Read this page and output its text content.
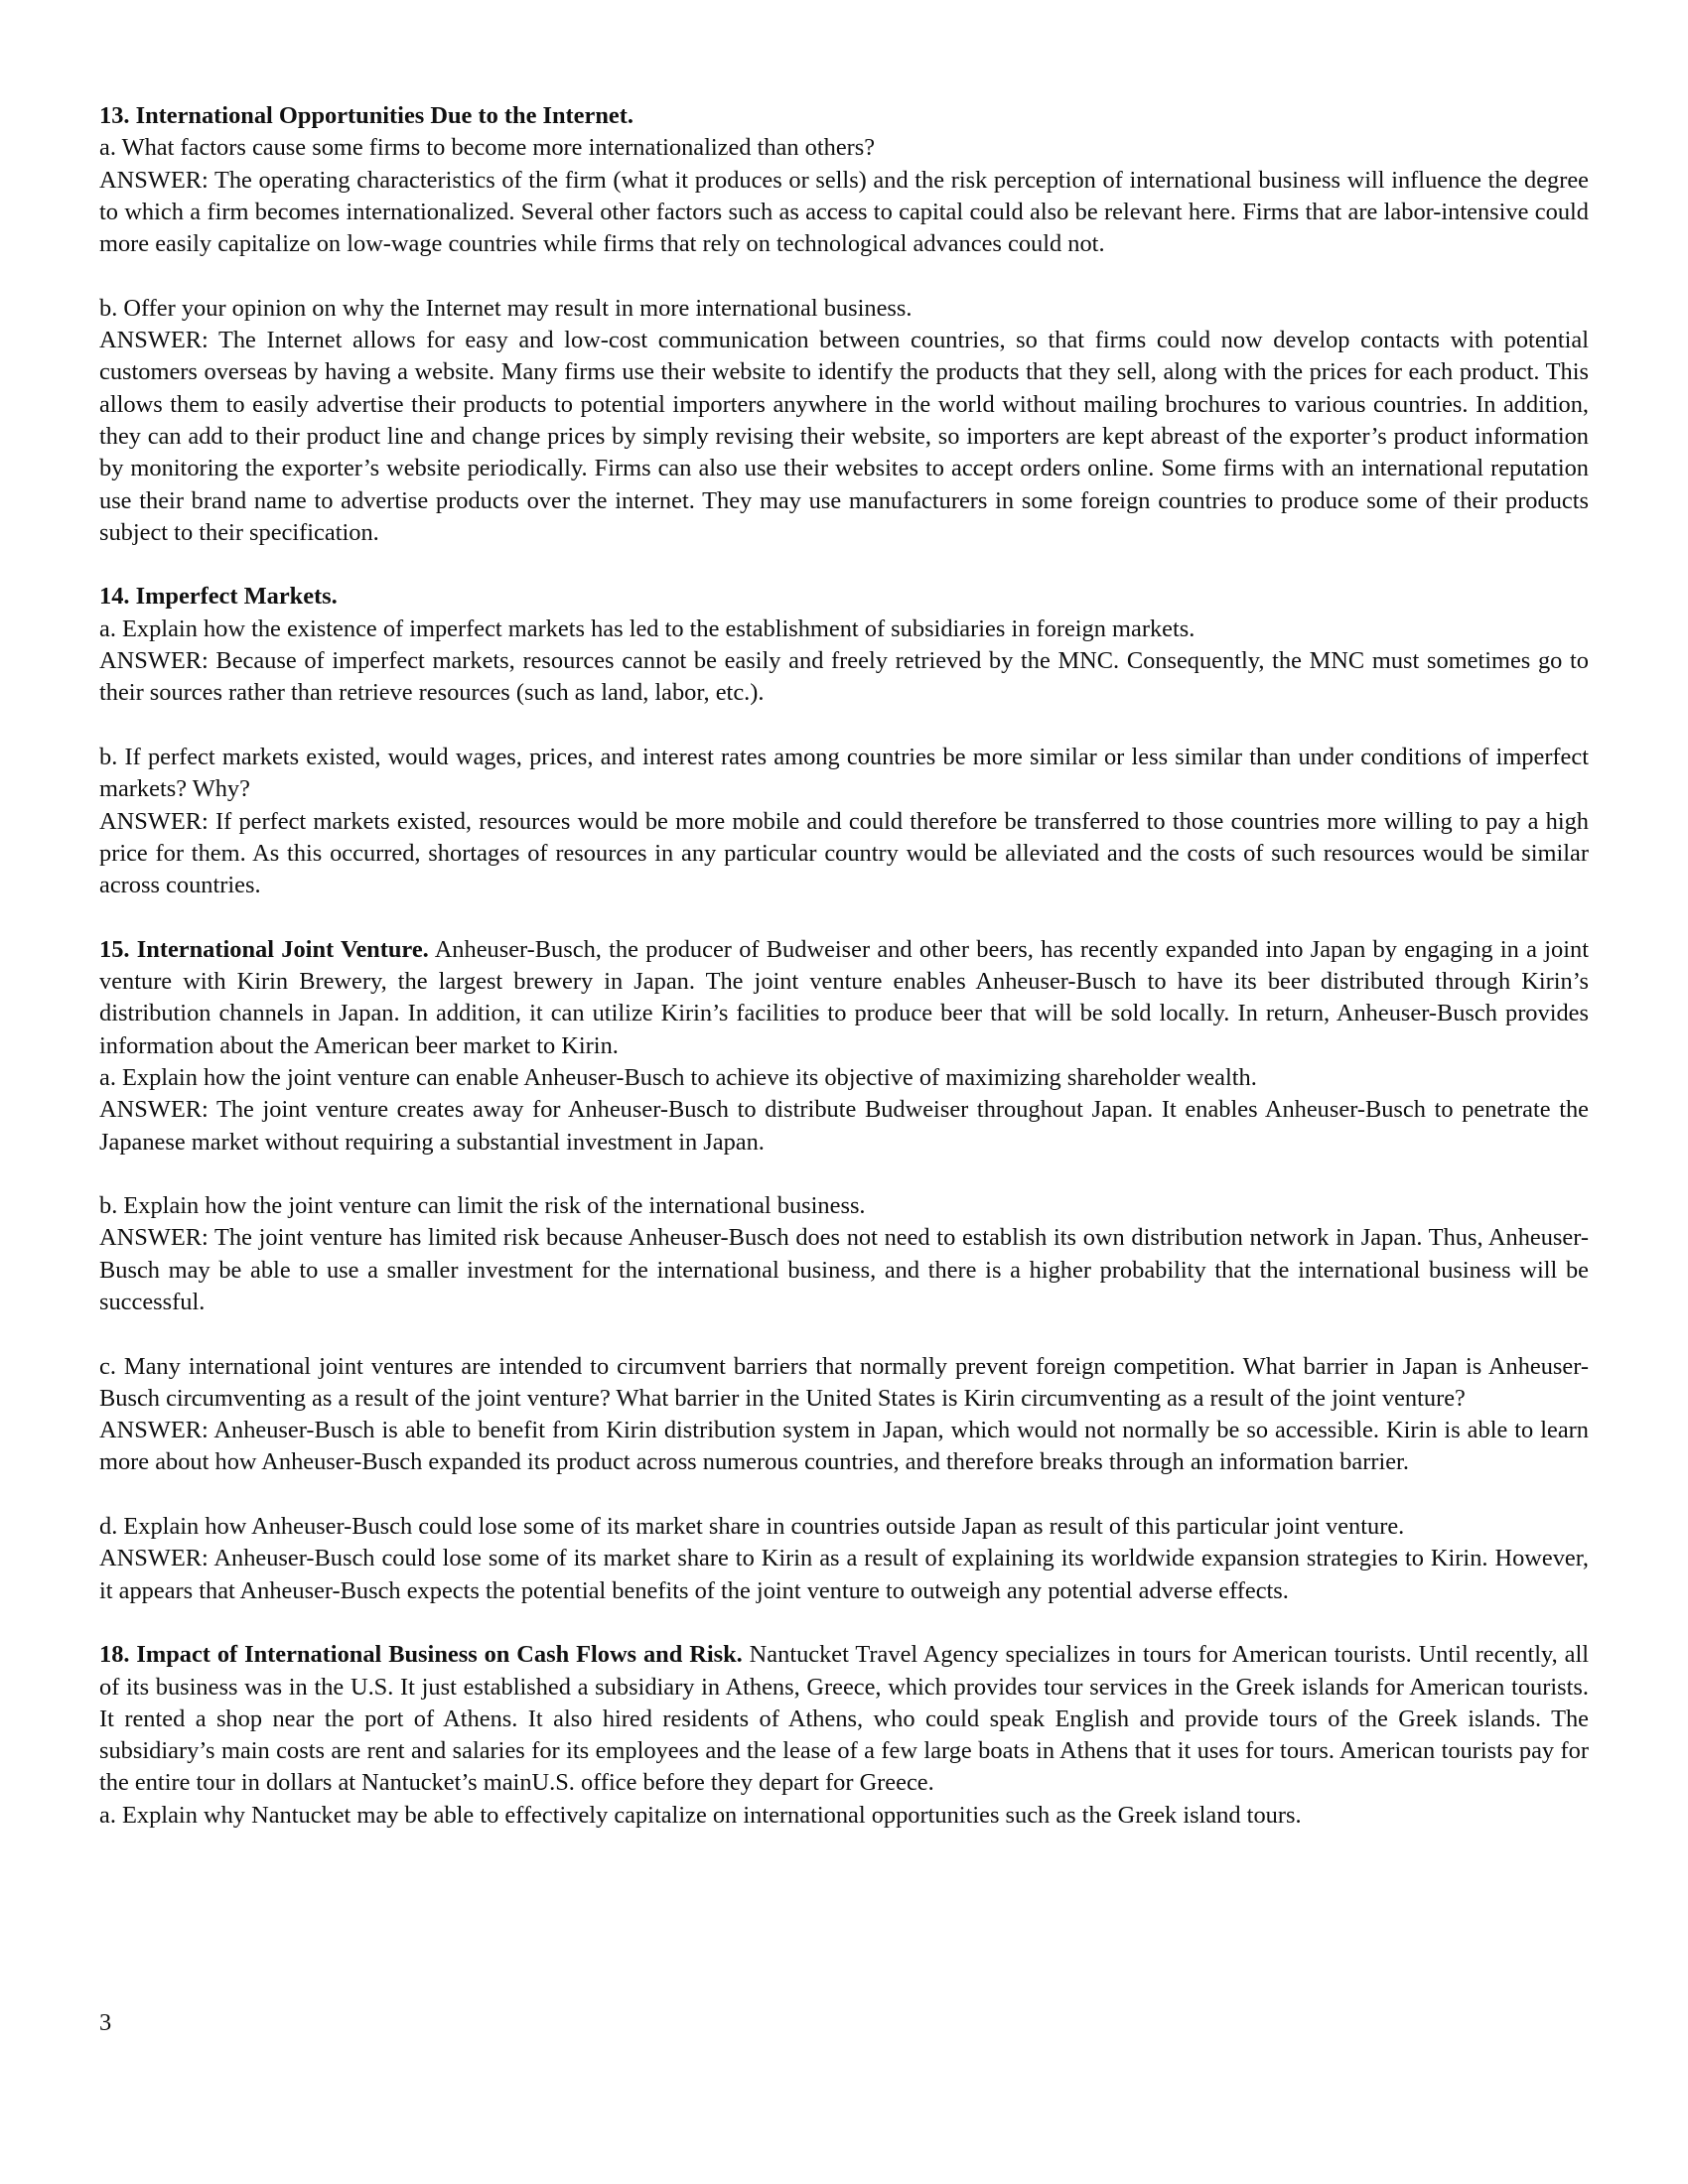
13. International Opportunities Due to the Internet.

a. What factors cause some firms to become more internationalized than others?

ANSWER: The operating characteristics of the firm (what it produces or sells) and the risk perception of international business will influence the degree to which a firm becomes internationalized. Several other factors such as access to capital could also be relevant here. Firms that are labor-intensive could more easily capitalize on low-wage countries while firms that rely on technological advances could not.

b. Offer your opinion on why the Internet may result in more international business.

ANSWER: The Internet allows for easy and low-cost communication between countries, so that firms could now develop contacts with potential customers overseas by having a website. Many firms use their website to identify the products that they sell, along with the prices for each product. This allows them to easily advertise their products to potential importers anywhere in the world without mailing brochures to various countries. In addition, they can add to their product line and change prices by simply revising their website, so importers are kept abreast of the exporter’s product information by monitoring the exporter’s website periodically. Firms can also use their websites to accept orders online. Some firms with an international reputation use their brand name to advertise products over the internet. They may use manufacturers in some foreign countries to produce some of their products subject to their specification.

14. Imperfect Markets.

a. Explain how the existence of imperfect markets has led to the establishment of subsidiaries in foreign markets.

ANSWER: Because of imperfect markets, resources cannot be easily and freely retrieved by the MNC. Consequently, the MNC must sometimes go to their sources rather than retrieve resources (such as land, labor, etc.).

b. If perfect markets existed, would wages, prices, and interest rates among countries be more similar or less similar than under conditions of imperfect markets? Why?

ANSWER: If perfect markets existed, resources would be more mobile and could therefore be transferred to those countries more willing to pay a high price for them. As this occurred, shortages of resources in any particular country would be alleviated and the costs of such resources would be similar across countries.

15. International Joint Venture. Anheuser-Busch, the producer of Budweiser and other beers, has recently expanded into Japan by engaging in a joint venture with Kirin Brewery, the largest brewery in Japan. The joint venture enables Anheuser-Busch to have its beer distributed through Kirin’s distribution channels in Japan. In addition, it can utilize Kirin’s facilities to produce beer that will be sold locally. In return, Anheuser-Busch provides information about the American beer market to Kirin.

a. Explain how the joint venture can enable Anheuser-Busch to achieve its objective of maximizing shareholder wealth.

ANSWER: The joint venture creates away for Anheuser-Busch to distribute Budweiser throughout Japan. It enables Anheuser-Busch to penetrate the Japanese market without requiring a substantial investment in Japan.

b. Explain how the joint venture can limit the risk of the international business.

ANSWER: The joint venture has limited risk because Anheuser-Busch does not need to establish its own distribution network in Japan. Thus, Anheuser-Busch may be able to use a smaller investment for the international business, and there is a higher probability that the international business will be successful.

c. Many international joint ventures are intended to circumvent barriers that normally prevent foreign competition. What barrier in Japan is Anheuser-Busch circumventing as a result of the joint venture? What barrier in the United States is Kirin circumventing as a result of the joint venture?

ANSWER: Anheuser-Busch is able to benefit from Kirin distribution system in Japan, which would not normally be so accessible. Kirin is able to learn more about how Anheuser-Busch expanded its product across numerous countries, and therefore breaks through an information barrier.

d. Explain how Anheuser-Busch could lose some of its market share in countries outside Japan as result of this particular joint venture.

ANSWER: Anheuser-Busch could lose some of its market share to Kirin as a result of explaining its worldwide expansion strategies to Kirin. However, it appears that Anheuser-Busch expects the potential benefits of the joint venture to outweigh any potential adverse effects.

18. Impact of International Business on Cash Flows and Risk. Nantucket Travel Agency specializes in tours for American tourists. Until recently, all of its business was in the U.S. It just established a subsidiary in Athens, Greece, which provides tour services in the Greek islands for American tourists. It rented a shop near the port of Athens. It also hired residents of Athens, who could speak English and provide tours of the Greek islands. The subsidiary’s main costs are rent and salaries for its employees and the lease of a few large boats in Athens that it uses for tours. American tourists pay for the entire tour in dollars at Nantucket’s mainU.S. office before they depart for Greece.

a. Explain why Nantucket may be able to effectively capitalize on international opportunities such as the Greek island tours.

3
